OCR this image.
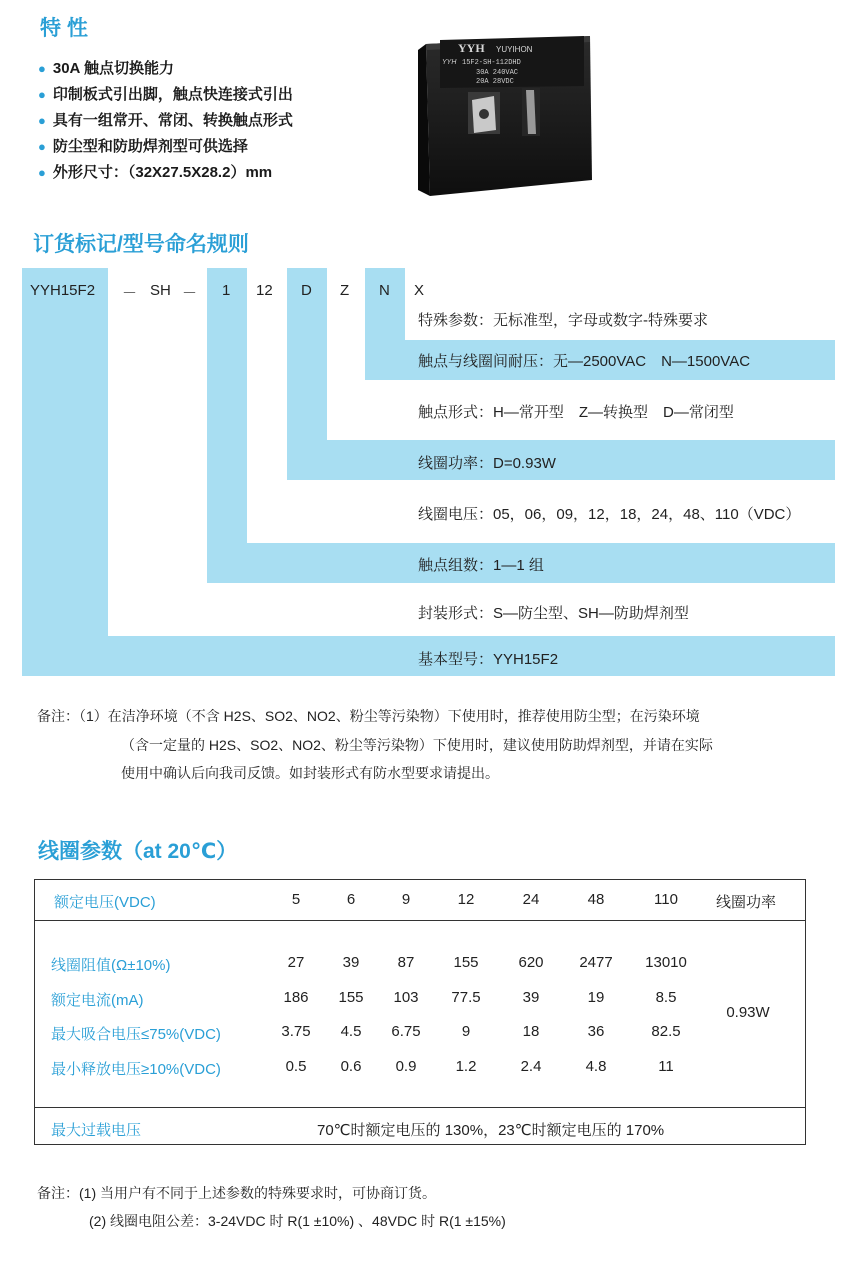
特 性
● 30A 触点切换能力
● 印制板式引出脚，触点快连接式引出
● 具有一组常开、常闭、转换触点形式
● 防尘型和防助焊剂型可供选择
● 外形尺寸：（32X27.5X28.2）mm
YYH YUYIHON
15F2-SH-112DHD
YYH
30A 240VAC
20A 28VDC
订货标记/型号命名规则
YYH15F2 － SH － 1 12 D Z N X
特殊参数：无标准型，字母或数字-特殊要求
触点与线圈间耐压：无—2500VAC　N—1500VAC
触点形式：H—常开型　Z—转换型　D—常闭型
线圈功率：D=0.93W
线圈电压：05，06，09，12，18，24，48、110（VDC）
触点组数：1—1 组
封装形式：S—防尘型、SH—防助焊剂型
基本型号：YYH15F2
备注：（1）在洁净环境（不含 H2S、SO2、NO2、粉尘等污染物）下使用时，推荐使用防尘型；在污染环境
（含一定量的 H2S、SO2、NO2、粉尘等污染物）下使用时，建议使用防助焊剂型，并请在实际
使用中确认后向我司反馈。如封装形式有防水型要求请提出。
线圈参数（at 20℃）
额定电压(VDC)	5	6	9	12	24	48	110	线圈功率
线圈阻值(Ω±10%)	27	39	87	155	620	2477	13010
额定电流(mA)	186	155	103	77.5	39	19	8.5
最大吸合电压≤75%(VDC)	3.75	4.5	6.75	9	18	36	82.5
最小释放电压≥10%(VDC)	0.5	0.6	0.9	1.2	2.4	4.8	11
0.93W
最大过载电压	70℃时额定电压的 130%，23℃时额定电压的 170%
备注：(1) 当用户有不同于上述参数的特殊要求时，可协商订货。
(2) 线圈电阻公差：3-24VDC 时 R(1 ±10%) 、48VDC 时 R(1 ±15%)
